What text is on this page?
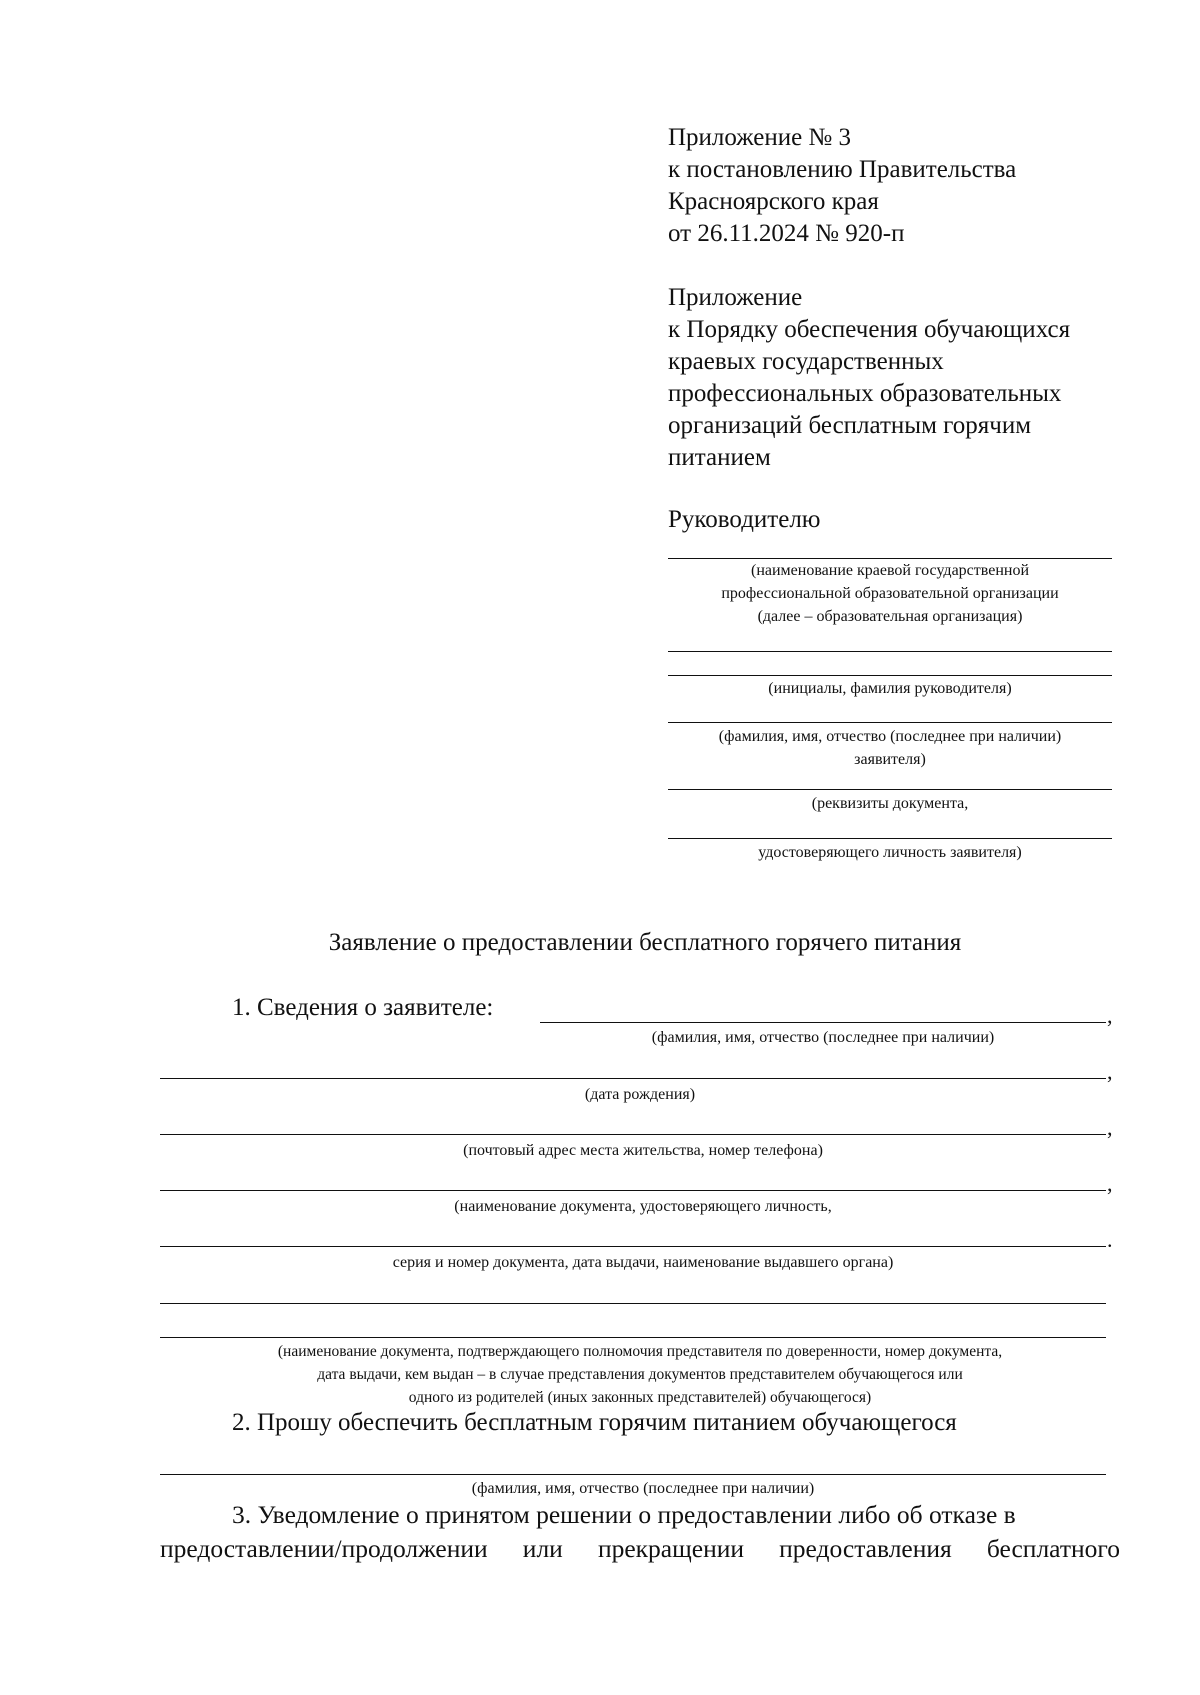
Приложение № 3
к постановлению Правительства
Красноярского края
от 26.11.2024 № 920-п
Приложение
к Порядку обеспечения обучающихся
краевых государственных
профессиональных образовательных
организаций бесплатным горячим
питанием
Руководителю
(наименование краевой государственной
профессиональной образовательной организации
(далее – образовательная организация)
(инициалы, фамилия руководителя)
(фамилия, имя, отчество (последнее при наличии)
заявителя)
(реквизиты документа,
удостоверяющего личность заявителя)
Заявление о предоставлении бесплатного горячего питания
1. Сведения о заявителе:	,
(фамилия, имя, отчество (последнее при наличии)
,
(дата рождения)
,
(почтовый адрес места жительства, номер телефона)
,
(наименование документа, удостоверяющего личность,
.
серия и номер документа, дата выдачи, наименование выдавшего органа)
(наименование документа, подтверждающего полномочия представителя по доверенности, номер документа,
дата выдачи, кем выдан – в случае представления документов представителем обучающегося или
одного из родителей (иных законных представителей) обучающегося)
2. Прошу обеспечить бесплатным горячим питанием обучающегося
(фамилия, имя, отчество (последнее при наличии)
3. Уведомление о принятом решении о предоставлении либо об отказе в
предоставлении/продолжении или прекращении предоставления бесплатного
